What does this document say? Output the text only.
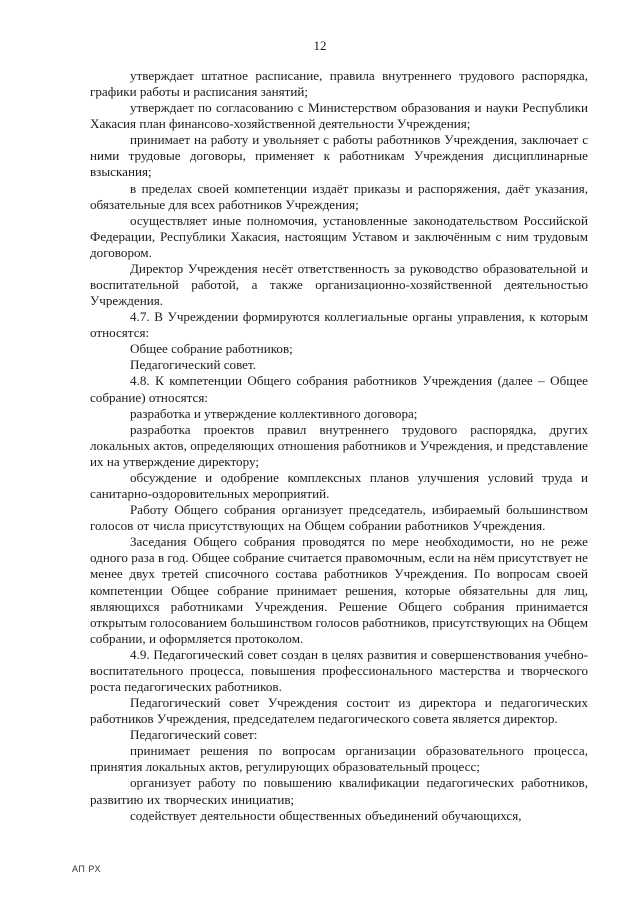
12

утверждает штатное расписание, правила внутреннего трудового распорядка, графики работы и расписания занятий;

утверждает по согласованию с Министерством образования и науки Республики Хакасия план финансово-хозяйственной деятельности Учреждения;

принимает на работу и увольняет с работы работников Учреждения, заключает с ними трудовые договоры, применяет к работникам Учреждения дисциплинарные взыскания;

в пределах своей компетенции издаёт приказы и распоряжения, даёт указания, обязательные для всех работников Учреждения;

осуществляет иные полномочия, установленные законодательством Российской Федерации, Республики Хакасия, настоящим Уставом и заключённым с ним трудовым договором.

Директор Учреждения несёт ответственность за руководство образовательной и воспитательной работой, а также организационно-хозяйственной деятельностью Учреждения.

4.7. В Учреждении формируются коллегиальные органы управления, к которым относятся:

Общее собрание работников;

Педагогический совет.

4.8. К компетенции Общего собрания работников Учреждения (далее – Общее собрание) относятся:

разработка и утверждение коллективного договора;

разработка проектов правил внутреннего трудового распорядка, других локальных актов, определяющих отношения работников и Учреждения, и представление их на утверждение директору;

обсуждение и одобрение комплексных планов улучшения условий труда и санитарно-оздоровительных мероприятий.

Работу Общего собрания организует председатель, избираемый большинством голосов от числа присутствующих на Общем собрании работников Учреждения.

Заседания Общего собрания проводятся по мере необходимости, но не реже одного раза в год. Общее собрание считается правомочным, если на нём присутствует не менее двух третей списочного состава работников Учреждения. По вопросам своей компетенции Общее собрание принимает решения, которые обязательны для лиц, являющихся работниками Учреждения. Решение Общего собрания принимается открытым голосованием большинством голосов работников, присутствующих на Общем собрании, и оформляется протоколом.

4.9. Педагогический совет создан в целях развития и совершенствования учебно-воспитательного процесса, повышения профессионального мастерства и творческого роста педагогических работников.

Педагогический совет Учреждения состоит из директора и педагогических работников Учреждения, председателем педагогического совета является директор.

Педагогический совет:

принимает решения по вопросам организации образовательного процесса, принятия локальных актов, регулирующих образовательный процесс;

организует работу по повышению квалификации педагогических работников, развитию их творческих инициатив;

содействует деятельности общественных объединений обучающихся,

АП РХ
